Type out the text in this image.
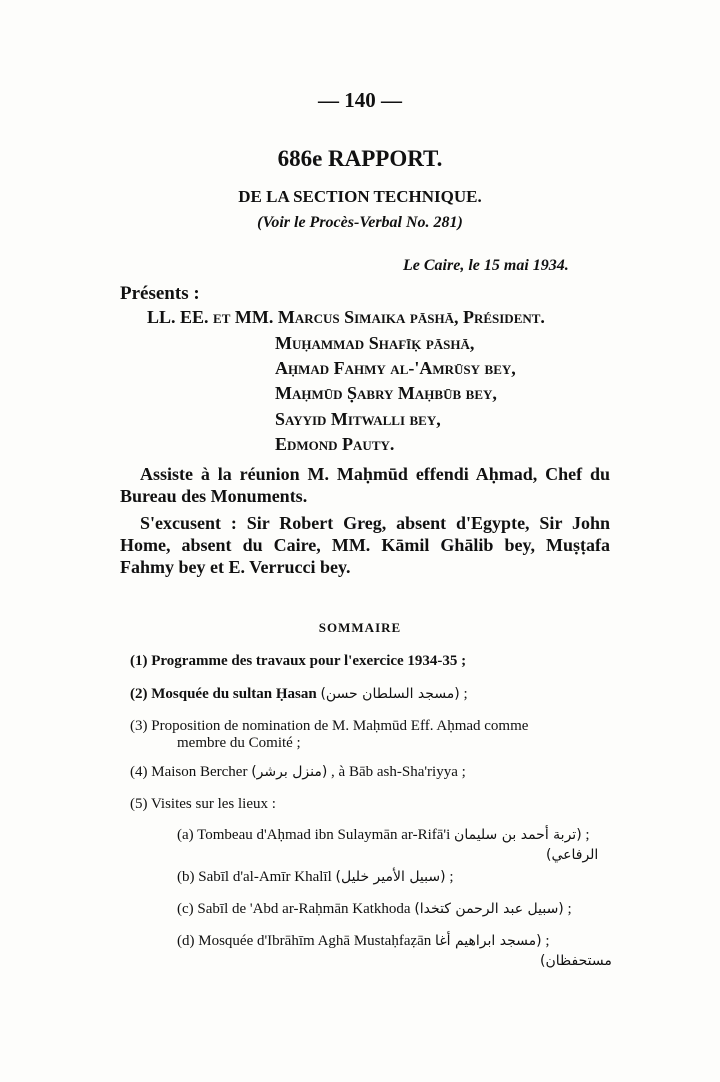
— 140 —
686e RAPPORT.
DE LA SECTION TECHNIQUE.
(Voir le Procès-Verbal No. 281)
Le Caire, le 15 mai 1934.
Présents :
LL. EE. et MM. Marcus Simaika pāshā, Président.
Muḥammad Shafīḳ pāshā,
Aḥmad Fahmy al-'Amrūsy bey,
Maḥmūd Ṣabry Maḥbūb bey,
Sayyid Mitwalli bey,
Edmond Pauty.
Assiste à la réunion M. Maḥmūd effendi Aḥmad, Chef du Bureau des Monuments.
S'excusent : Sir Robert Greg, absent d'Egypte, Sir John Home, absent du Caire, MM. Kāmil Ghālib bey, Muṣṭafa Fahmy bey et E. Verrucci bey.
SOMMAIRE
(1) Programme des travaux pour l'exercice 1934-35 ;
(2) Mosquée du sultan Ḥasan (مسجد السلطان حسن) ;
(3) Proposition de nomination de M. Maḥmūd Eff. Aḥmad comme
membre du Comité ;
(4) Maison Bercher (منزل برشر) , à Bāb ash-Sha'riyya ;
(5) Visites sur les lieux :
(a) Tombeau d'Aḥmad ibn Sulaymān ar-Rifā'i (تربة أحمد بن سليمان ;
الرفاعي)
(b) Sabīl d'al-Amīr Khalīl (سبيل الأمير خليل) ;
(c) Sabīl de 'Abd ar-Raḥmān Katkhoda (سبيل عبد الرحمن كتخدا) ;
(d) Mosquée d'Ibrāhīm Aghā Mustaḥfaẓān (مسجد ابراهيم أغا ;
مستحفظان)
